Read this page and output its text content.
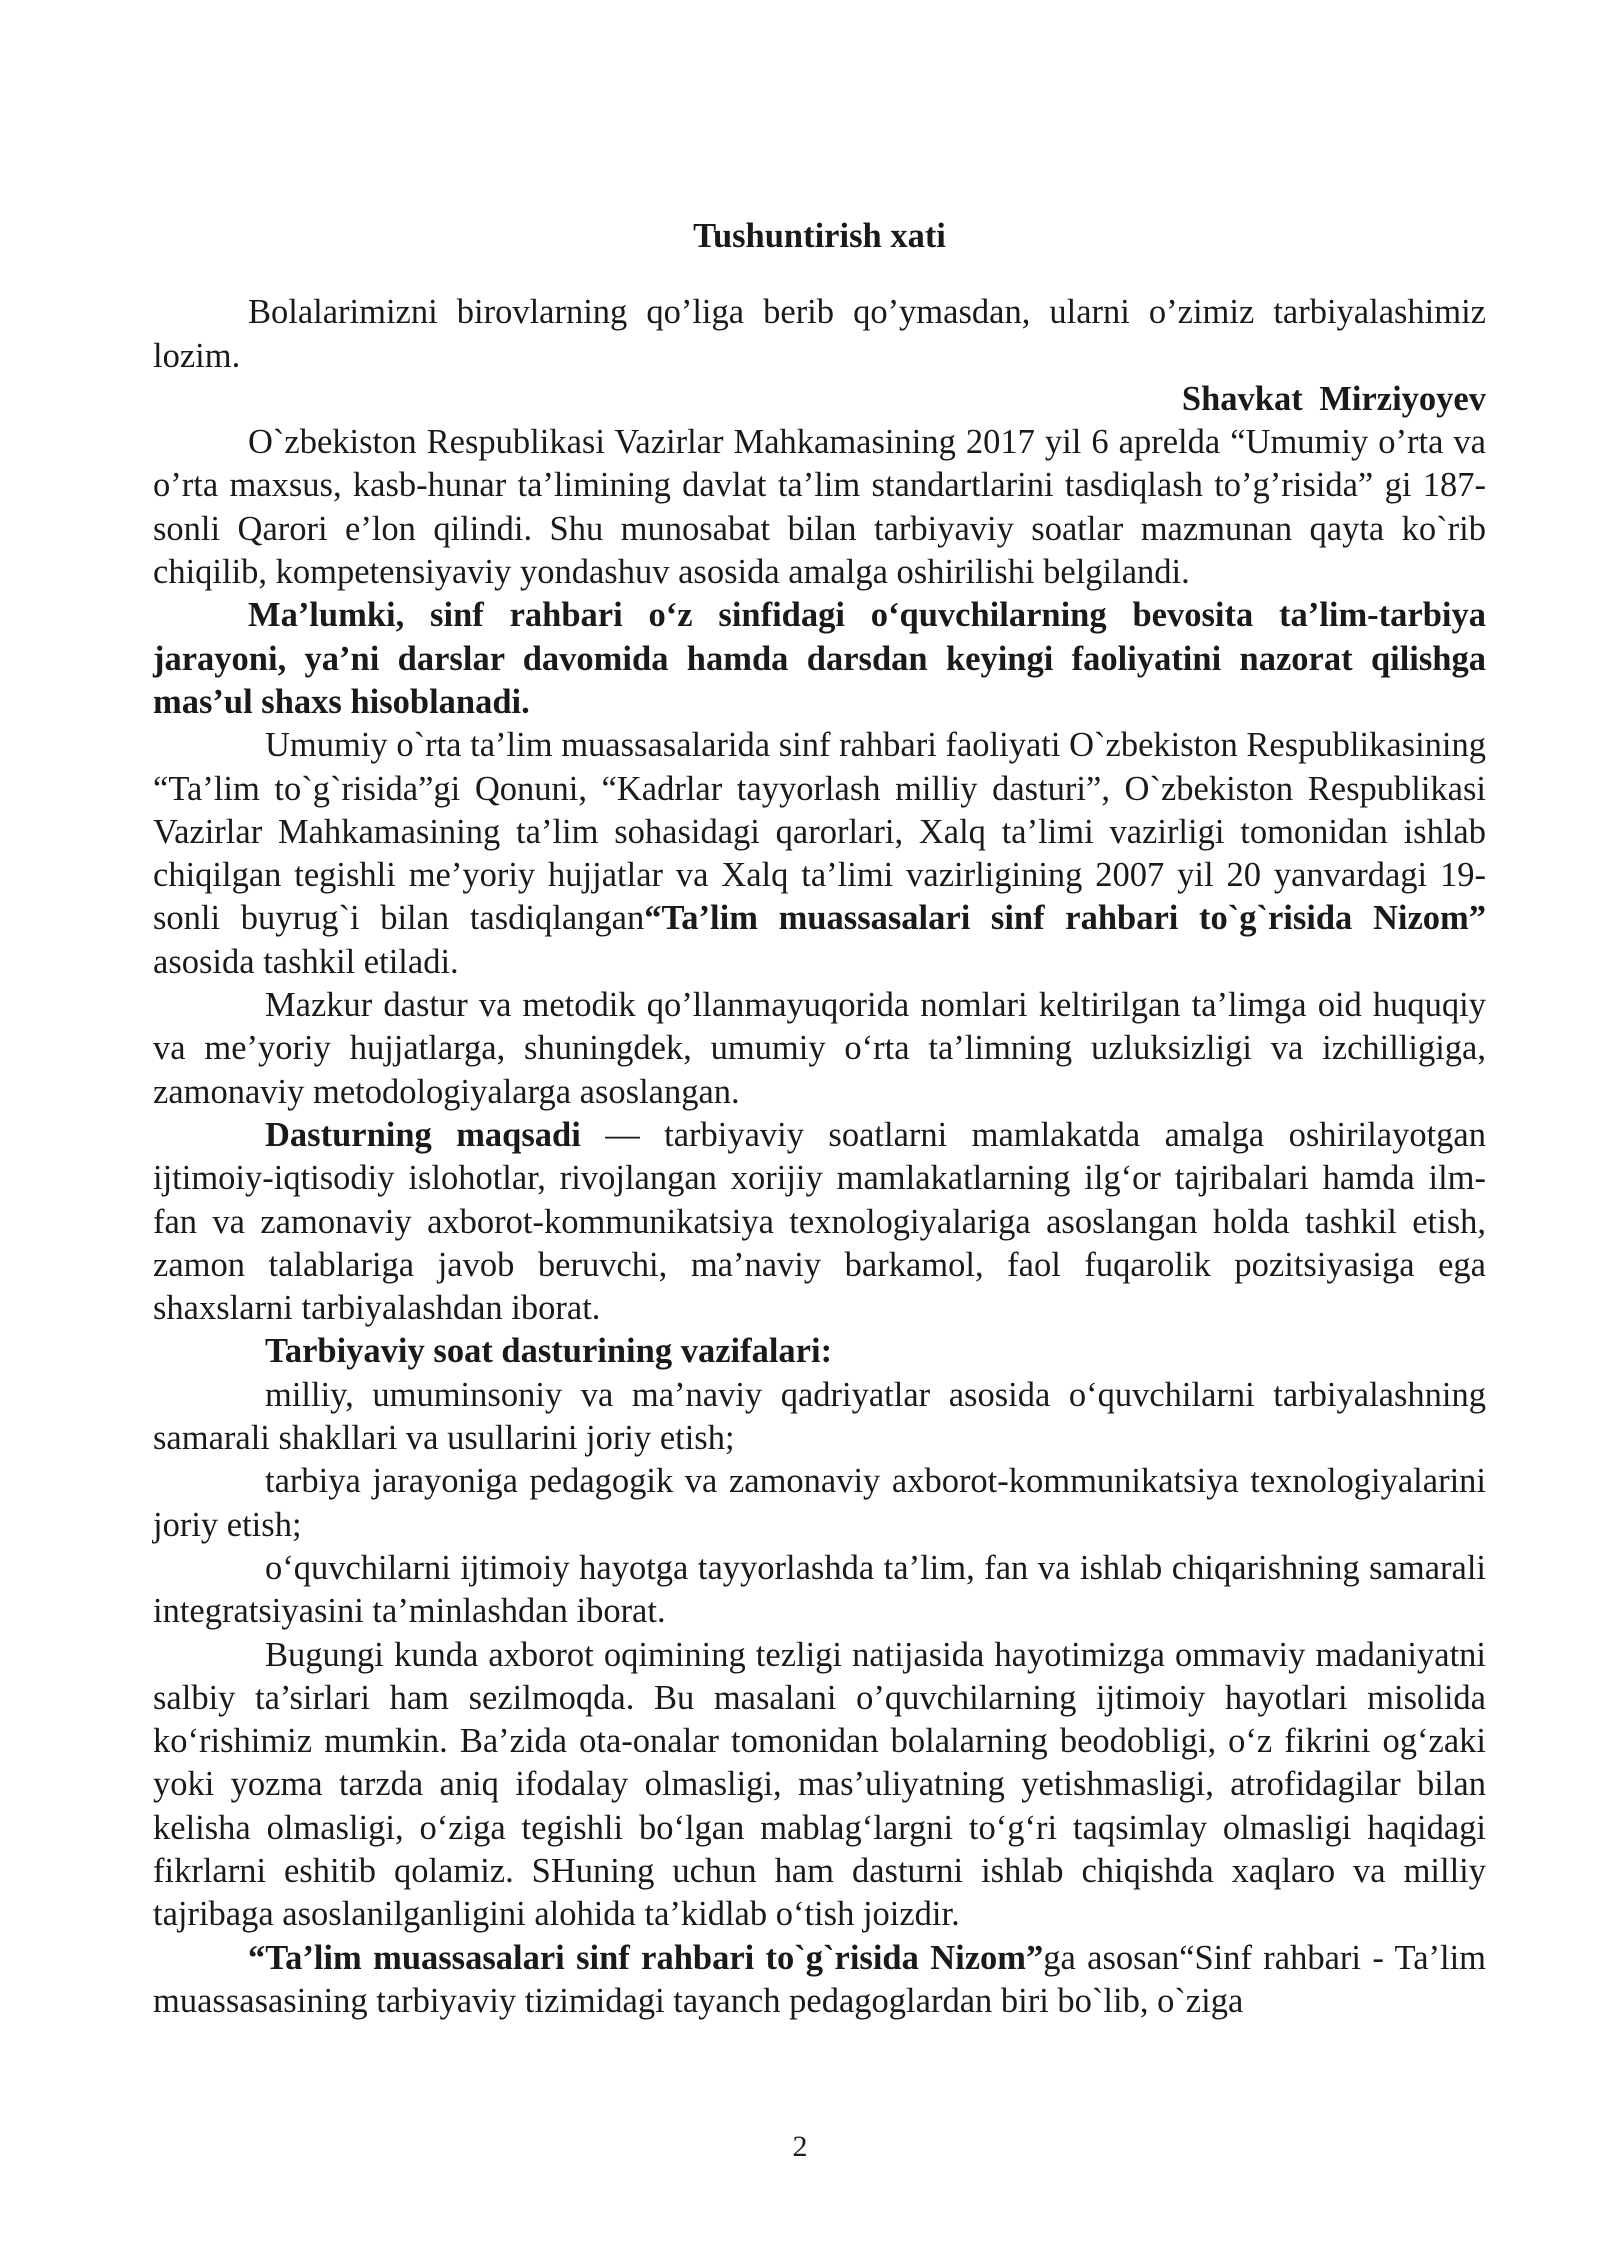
Tushuntirish xati

Bolalarimizni birovlarning qo’liga berib qo’ymasdan, ularni o’zimiz tarbiyalashimiz lozim.

Shavkat Mirziyoyev

O`zbekiston Respublikasi Vazirlar Mahkamasining 2017 yil 6 aprelda “Umumiy o’rta va o’rta maxsus, kasb-hunar ta’limining davlat ta’lim standartlarini tasdiqlash to’g’risida” gi 187-sonli Qarori e’lon qilindi. Shu munosabat bilan tarbiyaviy soatlar mazmunan qayta ko`rib chiqilib, kompetensiyaviy yondashuv asosida amalga oshirilishi belgilandi.

Ma’lumki, sinf rahbari o‘z sinfidagi o‘quvchilarning bevosita ta’lim-tarbiya jarayoni, ya’ni darslar davomida hamda darsdan keyingi faoliyatini nazorat qilishga mas’ul shaxs hisoblanadi.

Umumiy o`rta ta’lim muassasalarida sinf rahbari faoliyati O`zbekiston Respublikasining “Ta’lim to`g`risida”gi Qonuni, “Kadrlar tayyorlash milliy dasturi”, O`zbekiston Respublikasi Vazirlar Mahkamasining ta’lim sohasidagi qarorlari, Xalq ta’limi vazirligi tomonidan ishlab chiqilgan tegishli me’yoriy hujjatlar va Xalq ta’limi vazirligining 2007 yil 20 yanvardagi 19-sonli buyrug`i bilan tasdiqlangan“Ta’lim muassasalari sinf rahbari to`g`risida Nizom” asosida tashkil etiladi.

Mazkur dastur va metodik qo’llanmayuqorida nomlari keltirilgan ta’limga oid huquqiy va me’yoriy hujjatlarga, shuningdek, umumiy o‘rta ta’limning uzluksizligi va izchilligiga, zamonaviy metodologiyalarga asoslangan.

Dasturning maqsadi — tarbiyaviy soatlarni mamlakatda amalga oshirilayotgan ijtimoiy-iqtisodiy islohotlar, rivojlangan xorijiy mamlakatlarning ilg‘or tajribalari hamda ilm-fan va zamonaviy axborot-kommunikatsiya texnologiyalariga asoslangan holda tashkil etish, zamon talablariga javob beruvchi, ma’naviy barkamol, faol fuqarolik pozitsiyasiga ega shaxslarni tarbiyalashdan iborat.

Tarbiyaviy soat dasturining vazifalari:

milliy, umuminsoniy va ma’naviy qadriyatlar asosida o‘quvchilarni tarbiyalashning samarali shakllari va usullarini joriy etish;

tarbiya jarayoniga pedagogik va zamonaviy axborot-kommunikatsiya texnologiyalarini joriy etish;

o‘quvchilarni ijtimoiy hayotga tayyorlashda ta’lim, fan va ishlab chiqarishning samarali integratsiyasini ta’minlashdan iborat.

Bugungi kunda axborot oqimining tezligi natijasida hayotimizga ommaviy madaniyatni salbiy ta’sirlari ham sezilmoqda. Bu masalani o’quvchilarning ijtimoiy hayotlari misolida ko‘rishimiz mumkin. Ba’zida ota-onalar tomonidan bolalarning beodobligi, o‘z fikrini og‘zaki yoki yozma tarzda aniq ifodalay olmasligi, mas’uliyatning yetishmasligi, atrofidagilar bilan kelisha olmasligi, o‘ziga tegishli bo‘lgan mablag‘largni to‘g‘ri taqsimlay olmasligi haqidagi fikrlarni eshitib qolamiz. SHuning uchun ham dasturni ishlab chiqishda xaqlaro va milliy tajribaga asoslanilganligini alohida ta’kidlab o‘tish joizdir.

“Ta’lim muassasalari sinf rahbari to`g`risida Nizom”ga asosan“Sinf rahbari - Ta’lim muassasasining tarbiyaviy tizimidagi tayanch pedagoglardan biri bo`lib, o`ziga

2
